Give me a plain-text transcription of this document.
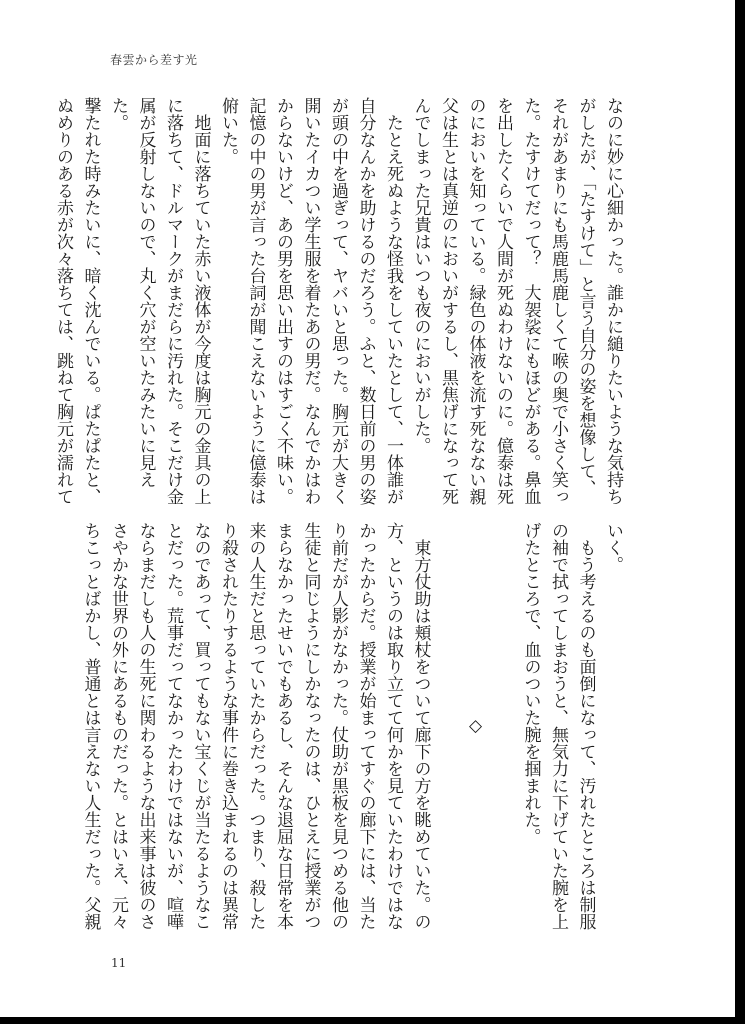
春雲から差す光

なのに妙に心細かった。誰かに縋りたいような気持ち

がしたが、「たすけて」と言う自分の姿を想像して、

それがあまりにも馬鹿馬鹿しくて喉の奥で小さく笑っ

た。たすけてだって？　大袈裟にもほどがある。鼻血

を出したくらいで人間が死ぬわけないのに。億泰は死

のにおいを知っている。緑色の体液を流す死なない親

父は生とは真逆のにおいがするし、黒焦げになって死

んでしまった兄貴はいつも夜のにおいがした。

たとえ死ぬような怪我をしていたとして、一体誰が

自分なんかを助けるのだろう。ふと、数日前の男の姿

が頭の中を過ぎって、ヤバいと思った。胸元が大きく

開いたイカつい学生服を着たあの男だ。なんでかはわ

からないけど、あの男を思い出すのはすごく不味い。

記憶の中の男が言った台詞が聞こえないように億泰は

俯いた。

地面に落ちていた赤い液体が今度は胸元の金具の上

に落ちて、ドルマークがまだらに汚れた。そこだけ金

属が反射しないので、丸く穴が空いたみたいに見えた。

撃たれた時みたいに、暗く沈んでいる。ぱたぱたと、

ぬめりのある赤が次々落ちては、跳ねて胸元が濡れて

いく。

もう考えるのも面倒になって、汚れたところは制服

の袖で拭ってしまおうと、無気力に下げていた腕を上

げたところで、血のついた腕を掴まれた。

◇

東方仗助は頬杖をついて廊下の方を眺めていた。の

方、というのは取り立てて何かを見ていたわけではな

かったからだ。授業が始まってすぐの廊下には、当た

り前だが人影がなかった。仗助が黒板を見つめる他の

生徒と同じようにしかなったのは、ひとえに授業がつ

まらなかったせいでもあるし、そんな退屈な日常を本

来の人生だと思っていたからだった。つまり、殺した

り殺されたりするような事件に巻き込まれるのは異常

なのであって、買ってもない宝くじが当たるようなこ

とだった。荒事だってなかったわけではないが、喧嘩

ならまだしも人の生死に関わるような出来事は彼のさ

さやかな世界の外にあるものだった。とはいえ、元々

ちこっとばかし、普通とは言えない人生だった。父親

11
